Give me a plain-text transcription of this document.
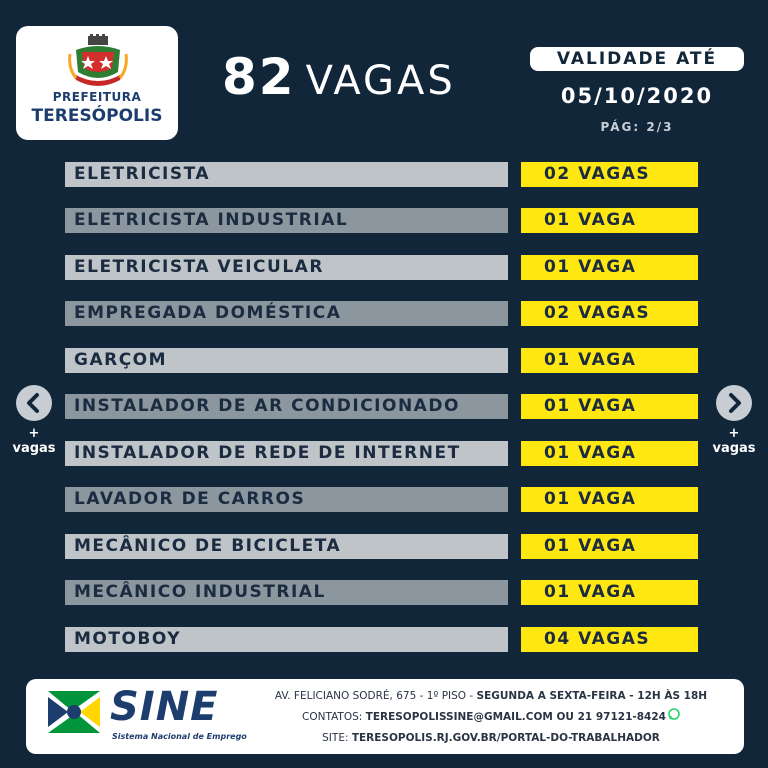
PREFEITURA
TERESÓPOLIS
82 VAGAS	VALIDADE ATÉ
05/10/2020
PÁG: 2/3
ELETRICISTA	02 VAGAS
ELETRICISTA INDUSTRIAL	01 VAGA
ELETRICISTA VEICULAR	01 VAGA
EMPREGADA DOMÉSTICA	02 VAGAS
GARÇOM	01 VAGA
INSTALADOR DE AR CONDICIONADO	01 VAGA
INSTALADOR DE REDE DE INTERNET	01 VAGA
LAVADOR DE CARROS	01 VAGA
MECÂNICO DE BICICLETA	01 VAGA
MECÂNICO INDUSTRIAL	01 VAGA
MOTOBOY	04 VAGAS
+
vagas
+
vagas
SINE
Sistema Nacional de Emprego
AV. FELICIANO SODRÉ, 675 - 1º PISO - SEGUNDA A SEXTA-FEIRA - 12H ÀS 18H
CONTATOS: TERESOPOLISSINE@GMAIL.COM OU 21 97121-8424
SITE: TERESOPOLIS.RJ.GOV.BR/PORTAL-DO-TRABALHADOR
